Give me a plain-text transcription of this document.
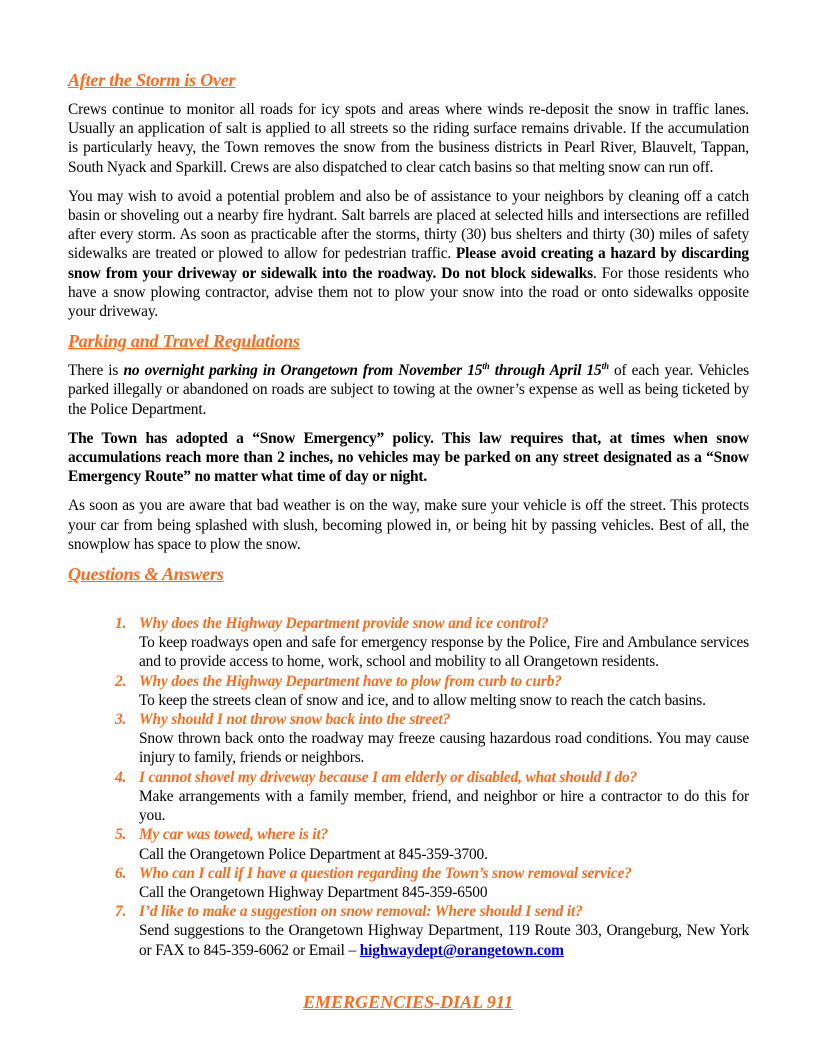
After the Storm is Over

Crews continue to monitor all roads for icy spots and areas where winds re-deposit the snow in traffic lanes. Usually an application of salt is applied to all streets so the riding surface remains drivable. If the accumulation is particularly heavy, the Town removes the snow from the business districts in Pearl River, Blauvelt, Tappan, South Nyack and Sparkill. Crews are also dispatched to clear catch basins so that melting snow can run off.

You may wish to avoid a potential problem and also be of assistance to your neighbors by cleaning off a catch basin or shoveling out a nearby fire hydrant. Salt barrels are placed at selected hills and intersections are refilled after every storm. As soon as practicable after the storms, thirty (30) bus shelters and thirty (30) miles of safety sidewalks are treated or plowed to allow for pedestrian traffic. Please avoid creating a hazard by discarding snow from your driveway or sidewalk into the roadway. Do not block sidewalks. For those residents who have a snow plowing contractor, advise them not to plow your snow into the road or onto sidewalks opposite your driveway.

Parking and Travel Regulations

There is no overnight parking in Orangetown from November 15th through April 15th of each year. Vehicles parked illegally or abandoned on roads are subject to towing at the owner’s expense as well as being ticketed by the Police Department.

The Town has adopted a “Snow Emergency” policy. This law requires that, at times when snow accumulations reach more than 2 inches, no vehicles may be parked on any street designated as a “Snow Emergency Route” no matter what time of day or night.

As soon as you are aware that bad weather is on the way, make sure your vehicle is off the street. This protects your car from being splashed with slush, becoming plowed in, or being hit by passing vehicles. Best of all, the snowplow has space to plow the snow.

Questions & Answers
1. Why does the Highway Department provide snow and ice control?
To keep roadways open and safe for emergency response by the Police, Fire and Ambulance services and to provide access to home, work, school and mobility to all Orangetown residents.
2. Why does the Highway Department have to plow from curb to curb?
To keep the streets clean of snow and ice, and to allow melting snow to reach the catch basins.
3. Why should I not throw snow back into the street?
Snow thrown back onto the roadway may freeze causing hazardous road conditions. You may cause injury to family, friends or neighbors.
4. I cannot shovel my driveway because I am elderly or disabled, what should I do?
Make arrangements with a family member, friend, and neighbor or hire a contractor to do this for you.
5. My car was towed, where is it?
Call the Orangetown Police Department at 845-359-3700.
6. Who can I call if I have a question regarding the Town’s snow removal service?
Call the Orangetown Highway Department 845-359-6500
7. I’d like to make a suggestion on snow removal: Where should I send it?
Send suggestions to the Orangetown Highway Department, 119 Route 303, Orangeburg, New York or FAX to 845-359-6062 or Email – highwaydept@orangetown.com
EMERGENCIES-DIAL 911
